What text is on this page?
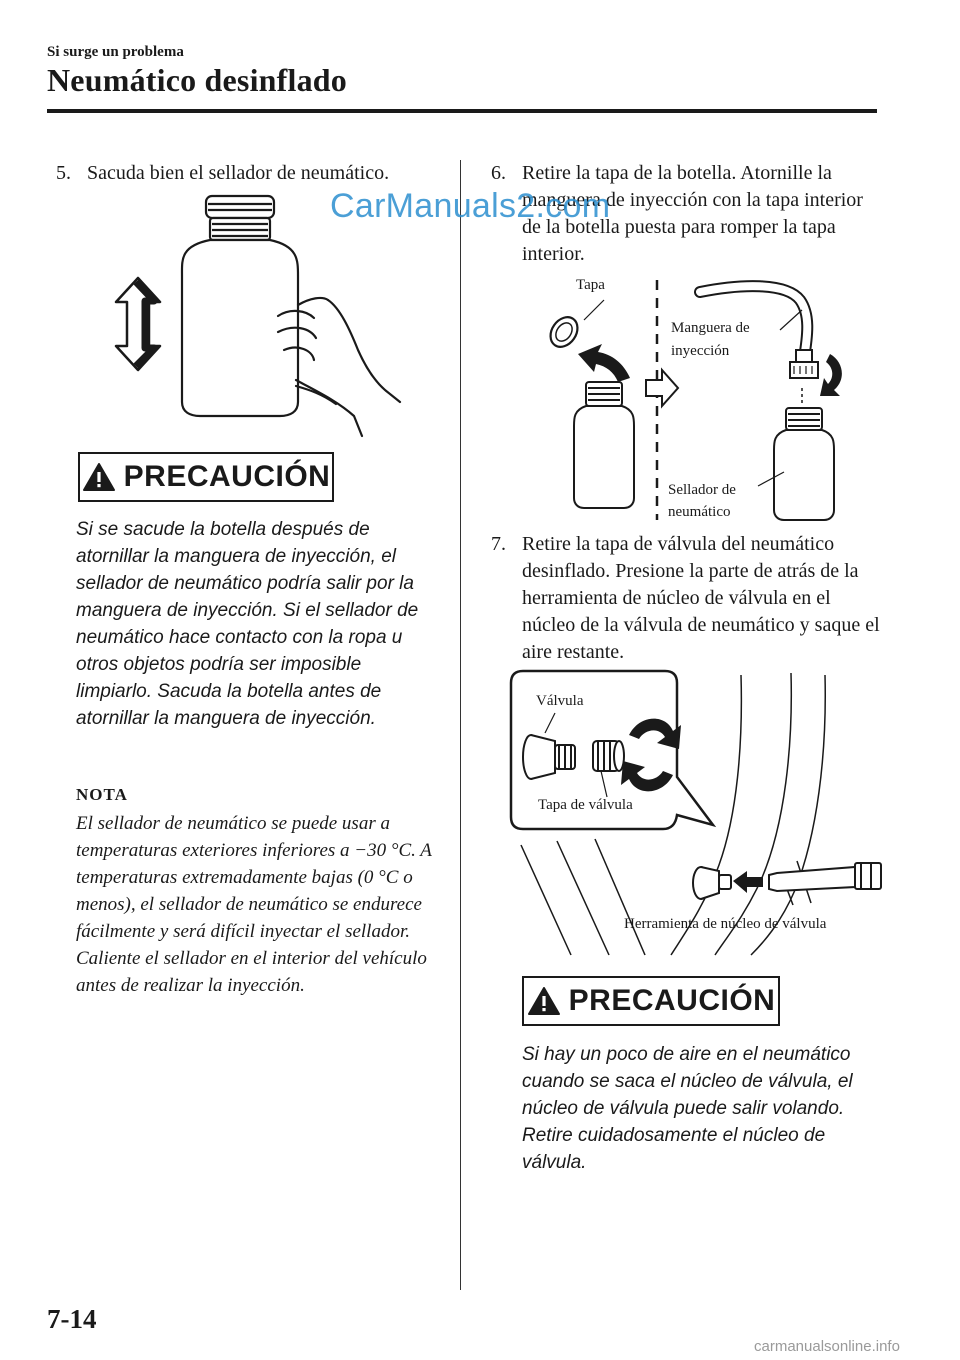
Si surge un problema
Neumático desinflado
5. Sacuda bien el sellador de neumático.
PRECAUCIÓN
Si se sacude la botella después de atornillar la manguera de inyección, el sellador de neumático podría salir por la manguera de inyección. Si el sellador de neumático hace contacto con la ropa u otros objetos podría ser imposible limpiarlo. Sacuda la botella antes de atornillar la manguera de inyección.
NOTA
El sellador de neumático se puede usar a temperaturas exteriores inferiores a −30 °C. A temperaturas extremadamente bajas (0 °C o menos), el sellador de neumático se endurece fácilmente y será difícil inyectar el sellador. Caliente el sellador en el interior del vehículo antes de realizar la inyección.
6. Retire la tapa de la botella. Atornille la manguera de inyección con la tapa interior de la botella puesta para romper la tapa interior.
Tapa
Manguera de
inyección
Sellador de
neumático
7. Retire la tapa de válvula del neumático desinflado. Presione la parte de atrás de la herramienta de núcleo de válvula en el núcleo de la válvula de neumático y saque el aire restante.
Válvula
Tapa de válvula
Herramienta de núcleo de válvula
PRECAUCIÓN
Si hay un poco de aire en el neumático cuando se saca el núcleo de válvula, el núcleo de válvula puede salir volando. Retire cuidadosamente el núcleo de válvula.
CarManuals2.com
7-14
carmanualsonline.info
